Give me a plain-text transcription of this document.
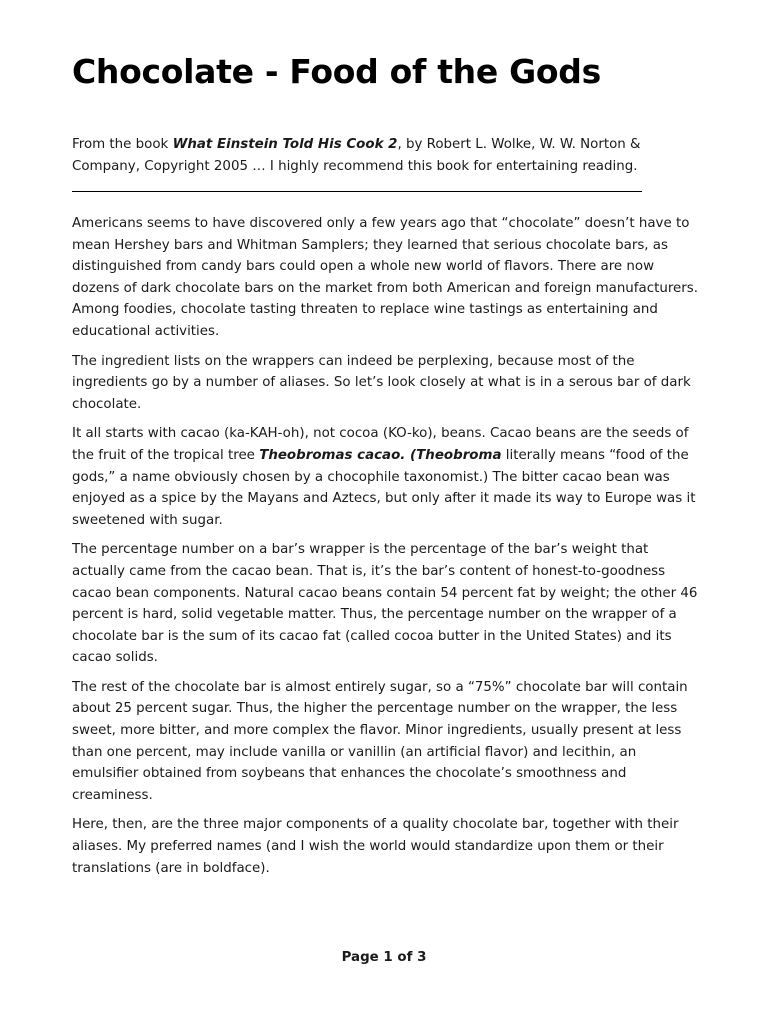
Chocolate - Food of the Gods

From the book What Einstein Told His Cook 2, by Robert L. Wolke, W. W. Norton & Company, Copyright 2005 … I highly recommend this book for entertaining reading.

Americans seems to have discovered only a few years ago that “chocolate” doesn’t have to mean Hershey bars and Whitman Samplers; they learned that serious chocolate bars, as distinguished from candy bars could open a whole new world of flavors. There are now dozens of dark chocolate bars on the market from both American and foreign manufacturers. Among foodies, chocolate tasting threaten to replace wine tastings as entertaining and educational activities.

The ingredient lists on the wrappers can indeed be perplexing, because most of the ingredients go by a number of aliases. So let’s look closely at what is in a serous bar of dark chocolate.

It all starts with cacao (ka-KAH-oh), not cocoa (KO-ko), beans. Cacao beans are the seeds of the fruit of the tropical tree Theobromas cacao. (Theobroma literally means “food of the gods,” a name obviously chosen by a chocophile taxonomist.) The bitter cacao bean was enjoyed as a spice by the Mayans and Aztecs, but only after it made its way to Europe was it sweetened with sugar.

The percentage number on a bar’s wrapper is the percentage of the bar’s weight that actually came from the cacao bean. That is, it’s the bar’s content of honest-to-goodness cacao bean components. Natural cacao beans contain 54 percent fat by weight; the other 46 percent is hard, solid vegetable matter. Thus, the percentage number on the wrapper of a chocolate bar is the sum of its cacao fat (called cocoa butter in the United States) and its cacao solids.

The rest of the chocolate bar is almost entirely sugar, so a “75%” chocolate bar will contain about 25 percent sugar. Thus, the higher the percentage number on the wrapper, the less sweet, more bitter, and more complex the flavor. Minor ingredients, usually present at less than one percent, may include vanilla or vanillin (an artificial flavor) and lecithin, an emulsifier obtained from soybeans that enhances the chocolate’s smoothness and creaminess.

Here, then, are the three major components of a quality chocolate bar, together with their aliases. My preferred names (and I wish the world would standardize upon them or their translations (are in boldface).

Page 1 of 3
